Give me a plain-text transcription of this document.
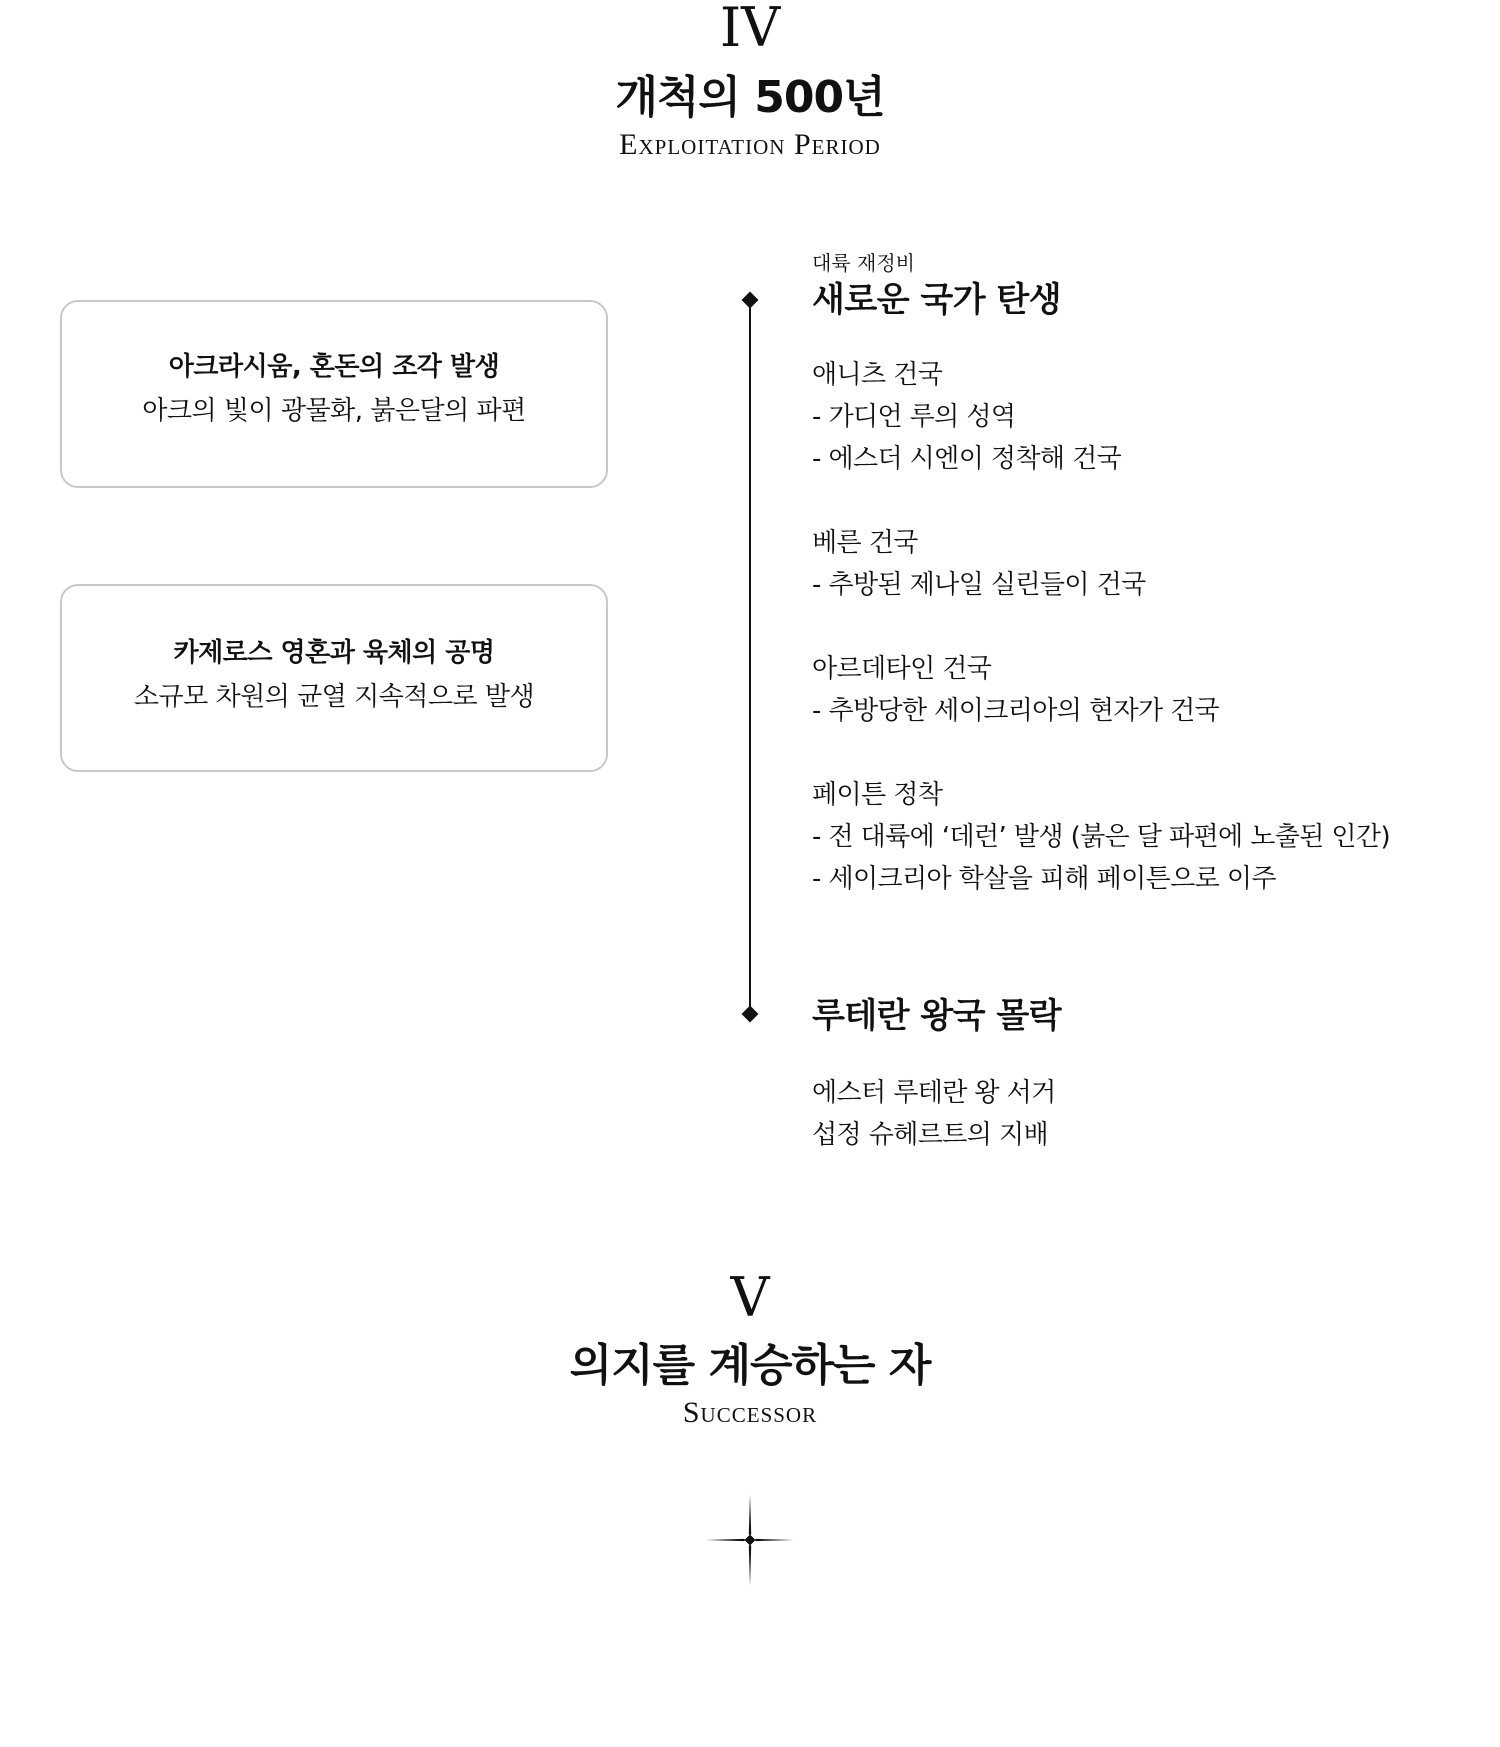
IV
개척의 500년
Exploitation Period
아크라시움, 혼돈의 조각 발생
아크의 빛이 광물화, 붉은달의 파편
카제로스 영혼과 육체의 공명
소규모 차원의 균열 지속적으로 발생
대륙 재정비
새로운 국가 탄생
애니츠 건국
- 가디언 루의 성역
- 에스더 시엔이 정착해 건국
베른 건국
- 추방된 제나일 실린들이 건국
아르데타인 건국
- 추방당한 세이크리아의 현자가 건국
페이튼 정착
- 전 대륙에 ‘데런’ 발생 (붉은 달 파편에 노출된 인간)
- 세이크리아 학살을 피해 페이튼으로 이주
루테란 왕국 몰락
에스터 루테란 왕 서거
섭정 슈헤르트의 지배
V
의지를 계승하는 자
Successor
